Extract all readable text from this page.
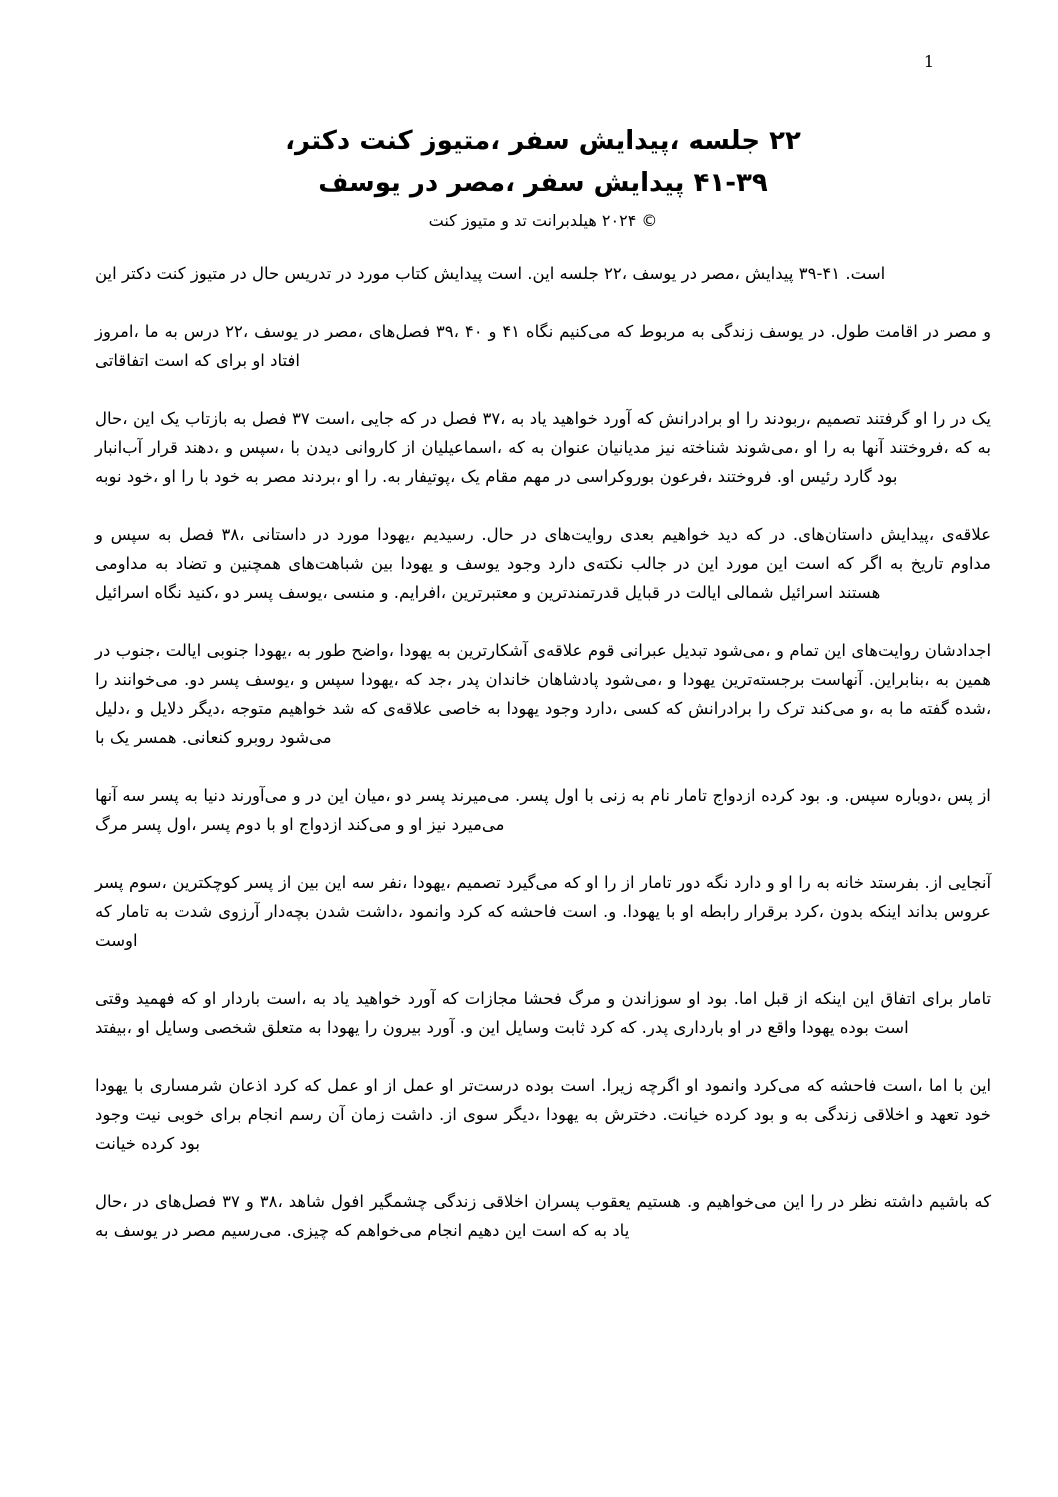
1
،دکتر ‎کنت ‎متیوز، ‎سفر ‎پیدایش، ‎جلسه ‎۲۲
یوسف ‎در ‎مصر، ‎سفر ‎پیدایش ‎۴۱-۳۹
کنت ‎متیوز ‎و ‎تد ‎هیلدبرانت ‎۲۰۲۴ ‎©

این ‎دکتر ‎کنت ‎متیوز ‎در ‎حال ‎تدریس ‎در ‎مورد ‎کتاب ‎پیدایش ‎است ‎.این ‎جلسه ‎۲۲، ‎یوسف ‎در ‎مصر، ‎پیدایش ‎۳۹-۴۱ ‎.است

امروز، ‎ما ‎به ‎درس ‎۲۲، ‎یوسف ‎در ‎مصر، ‎فصل‌های ‎۳۹، ‎۴۰ ‎و ‎۴۱ ‎نگاه ‎می‌کنیم ‎که ‎مربوط ‎به ‎زندگی ‎یوسف ‎در ‎.طول ‎اقامت ‎در ‎مصر ‎و ‎اتفاقاتی ‎است ‎که ‎برای ‎او ‎افتاد

حال، ‎این ‎یک ‎بازتاب ‎به ‎فصل ‎۳۷ ‎است، ‎جایی ‎که ‎در ‎فصل ‎۳۷، ‎به ‎یاد ‎خواهید ‎آورد ‎که ‎برادرانش ‎او ‎را ‎ربودند، ‎تصمیم ‎گرفتند ‎او ‎را ‎در ‎یک ‎آب‌انبار ‎قرار ‎دهند، ‎و ‎سپس، ‎با ‎دیدن ‎کاروانی ‎از ‎اسماعیلیان، ‎که ‎به ‎عنوان ‎مدیانیان ‎نیز ‎شناخته ‎می‌شوند، ‎او ‎را ‎به ‎آنها ‎فروختند، ‎که ‎به ‎نوبه ‎خود، ‎او ‎را ‎با ‎خود ‎به ‎مصر ‎بردند، ‎او ‎را ‎.به ‎پوتیفار، ‎یک ‎مقام ‎مهم ‎در ‎بوروکراسی ‎فرعون، ‎فروختند ‎.او ‎رئیس ‎گارد ‎بود

و ‎سپس ‎به ‎فصل ‎۳۸، ‎داستانی ‎در ‎مورد ‎یهودا، ‎رسیدیم ‎.حال ‎در ‎روایت‌های ‎بعدی ‎خواهیم ‎دید ‎که ‎در ‎.داستان‌های ‎پیدایش، ‎علاقه‌ی ‎مداومی ‎به ‎تضاد ‎و ‎همچنین ‎شباهت‌های ‎بین ‎یهودا ‎و ‎یوسف ‎وجود ‎دارد ‎نکته‌ی ‎جالب ‎در ‎این ‎مورد ‎این ‎است ‎که ‎اگر ‎به ‎تاریخ ‎مداوم ‎اسرائیل ‎نگاه ‎کنید، ‎دو ‎پسر ‎یوسف، ‎منسی ‎و ‎.افرایم، ‎معتبرترین ‎و ‎قدرتمندترین ‎قبایل ‎در ‎ایالت ‎شمالی ‎اسرائیل ‎هستند

در ‎جنوب، ‎ایالت ‎جنوبی ‎یهودا، ‎به ‎طور ‎واضح، ‎یهودا ‎به ‎آشکارترین ‎علاقه‌ی ‎قوم ‎عبرانی ‎تبدیل ‎می‌شود، ‎و ‎تمام ‎این ‎روایت‌های ‎اجدادشان ‎را ‎می‌خوانند ‎.دو ‎پسر ‎یوسف، ‎و ‎سپس ‎یهودا، ‎که ‎جد، ‎پدر ‎خاندان ‎پادشاهان ‎می‌شود، ‎و ‎یهودا ‎برجسته‌ترین ‎آنهاست ‎.بنابراین، ‎به ‎همین ‎دلیل، ‎و ‎دلایل ‎دیگر، ‎متوجه ‎خواهیم ‎شد ‎که ‎علاقه‌ی ‎خاصی ‎به ‎یهودا ‎وجود ‎دارد، ‎کسی ‎که ‎برادرانش ‎را ‎ترک ‎می‌کند ‎و، ‎به ‎ما ‎گفته ‎شده، ‎با ‎یک ‎همسر ‎.کنعانی ‎روبرو ‎می‌شود

آنها ‎سه ‎پسر ‎به ‎دنیا ‎می‌آورند ‎و ‎در ‎این ‎میان، ‎دو ‎پسر ‎می‌میرند ‎.پسر ‎اول ‎با ‎زنی ‎به ‎نام ‎تامار ‎ازدواج ‎کرده ‎بود ‎.و ‎.سپس ‎دوباره، ‎پس ‎از ‎مرگ ‎پسر ‎اول، ‎پسر ‎دوم ‎با ‎او ‎ازدواج ‎می‌کند ‎و ‎او ‎نیز ‎می‌میرد

پسر ‎سوم، ‎کوچکترین ‎پسر ‎از ‎بین ‎این ‎سه ‎نفر، ‎یهودا، ‎تصمیم ‎می‌گیرد ‎که ‎او ‎را ‎از ‎تامار ‎دور ‎نگه ‎دارد ‎و ‎او ‎را ‎به ‎خانه ‎بفرستد ‎.از ‎آنجایی ‎که ‎تامار ‎به ‎شدت ‎آرزوی ‎بچه‌دار ‎شدن ‎داشت، ‎وانمود ‎کرد ‎که ‎فاحشه ‎است ‎.و ‎.یهودا ‎با ‎او ‎رابطه ‎برقرار ‎کرد، ‎بدون ‎اینکه ‎بداند ‎عروس ‎اوست

وقتی ‎فهمید ‎که ‎او ‎باردار ‎است، ‎به ‎یاد ‎خواهید ‎آورد ‎که ‎مجازات ‎فحشا ‎مرگ ‎و ‎سوزاندن ‎او ‎بود ‎.اما ‎قبل ‎از ‎اینکه ‎این ‎اتفاق ‎برای ‎تامار ‎بیفتد، ‎او ‎وسایل ‎شخصی ‎متعلق ‎به ‎یهودا ‎را ‎بیرون ‎آورد ‎.و ‎این ‎وسایل ‎ثابت ‎کرد ‎که ‎.پدر ‎بارداری ‎او ‎در ‎واقع ‎یهودا ‎بوده ‎است

یهودا ‎با ‎شرمساری ‎اذعان ‎کرد ‎که ‎عمل ‎او ‎از ‎عمل ‎او ‎درست‌تر ‎بوده ‎است ‎.زیرا ‎اگرچه ‎او ‎وانمود ‎می‌کرد ‎که ‎فاحشه ‎است، ‎اما ‎با ‎این ‎وجود ‎نیت ‎خوبی ‎برای ‎انجام ‎رسم ‎آن ‎زمان ‎داشت ‎.از ‎سوی ‎دیگر، ‎یهودا ‎به ‎دخترش ‎.خیانت ‎کرده ‎بود ‎و ‎به ‎زندگی ‎اخلاقی ‎و ‎تعهد ‎خود ‎خیانت ‎کرده ‎بود

حال، ‎در ‎فصل‌های ‎۳۷ ‎و ‎۳۸، ‎شاهد ‎افول ‎چشمگیر ‎زندگی ‎اخلاقی ‎پسران ‎یعقوب ‎هستیم ‎.و ‎می‌خواهیم ‎این ‎را ‎در ‎نظر ‎داشته ‎باشیم ‎که ‎به ‎یوسف ‎در ‎مصر ‎می‌رسیم ‎.چیزی ‎که ‎می‌خواهم ‎انجام ‎دهیم ‎این ‎است ‎که ‎به ‎یاد
